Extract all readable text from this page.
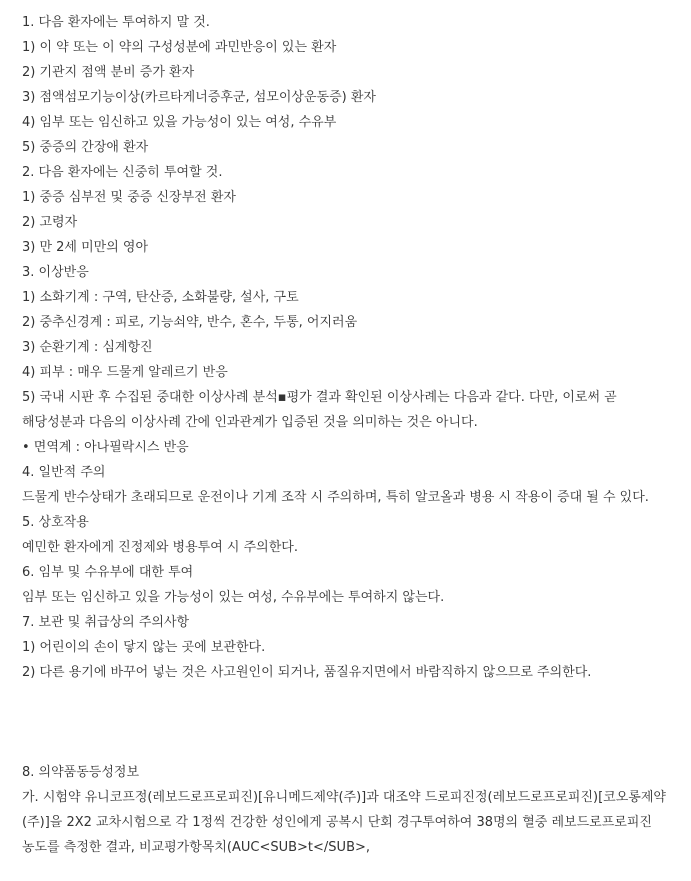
1. 다음 환자에는 투여하지 말 것.
1) 이 약 또는 이 약의 구성성분에 과민반응이 있는 환자
2) 기관지 점액 분비 증가 환자
3) 점액섬모기능이상(카르타게너증후군, 섬모이상운동증) 환자
4) 임부 또는 임신하고 있을 가능성이 있는 여성, 수유부
5) 중증의 간장애 환자
2. 다음 환자에는 신중히 투여할 것.
1) 중증 심부전 및 중증 신장부전 환자
2) 고령자
3) 만 2세 미만의 영아
3. 이상반응
1) 소화기계 : 구역, 탄산증, 소화불량, 설사, 구토
2) 중추신경계 : 피로, 기능쇠약, 반수, 혼수, 두통, 어지러움
3) 순환기계 : 심계항진
4) 피부 : 매우 드물게 알레르기 반응
5) 국내 시판 후 수집된 중대한 이상사례 분석▪평가 결과 확인된 이상사례는 다음과 같다. 다만, 이로써 곧 해당성분과 다음의 이상사례 간에 인과관계가 입증된 것을 의미하는 것은 아니다.
• 면역계 : 아나필락시스 반응
4. 일반적 주의
드물게 반수상태가 초래되므로 운전이나 기계 조작 시 주의하며, 특히 알코올과 병용 시 작용이 증대 될 수 있다.
5. 상호작용
예민한 환자에게 진정제와 병용투여 시 주의한다.
6. 임부 및 수유부에 대한 투여
임부 또는 임신하고 있을 가능성이 있는 여성, 수유부에는 투여하지 않는다.
7. 보관 및 취급상의 주의사항
1) 어린이의 손이 닿지 않는 곳에 보관한다.
2) 다른 용기에 바꾸어 넣는 것은 사고원인이 되거나, 품질유지면에서 바람직하지 않으므로 주의한다.
8. 의약품동등성정보
가. 시험약 유니코프정(레보드로프로피진)[유니메드제약(주)]과 대조약 드로피진정(레보드로프로피진)[코오롱제약(주)]을 2X2 교차시험으로 각 1정씩 건강한 성인에게 공복시 단회 경구투여하여 38명의 혈중 레보드로프로피진 농도를 측정한 결과, 비교평가항목치(AUC<SUB>t</SUB>,
